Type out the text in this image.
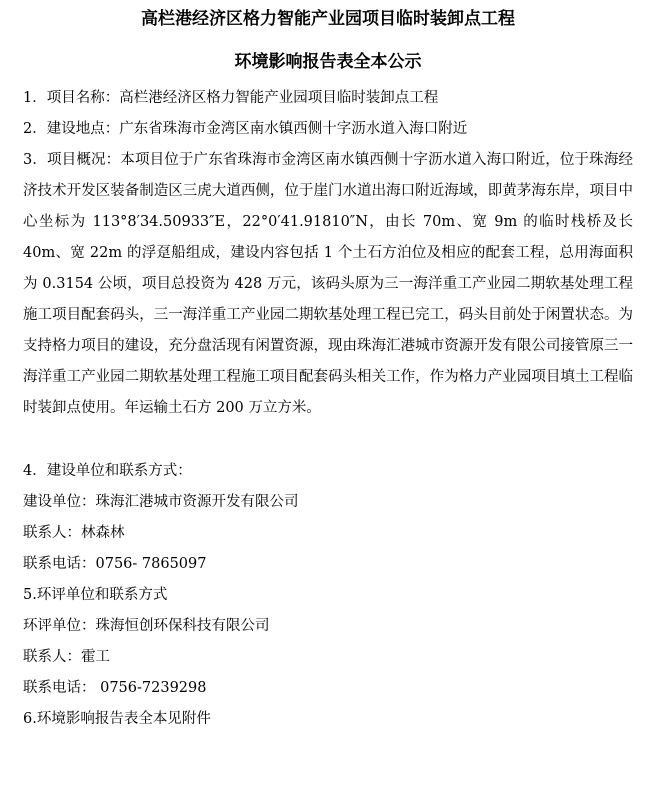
高栏港经济区格力智能产业园项目临时装卸点工程
环境影响报告表全本公示

1．项目名称：高栏港经济区格力智能产业园项目临时装卸点工程

2．建设地点：广东省珠海市金湾区南水镇西侧十字沥水道入海口附近

3．项目概况：本项目位于广东省珠海市金湾区南水镇西侧十字沥水道入海口附近，位于珠海经济技术开发区装备制造区三虎大道西侧，位于崖门水道出海口附近海域，即黄茅海东岸，项目中心坐标为 113°8′34.50933″E，22°0′41.91810″N，由长 70m、宽 9m 的临时栈桥及长 40m、宽 22m 的浮趸船组成，建设内容包括 1 个土石方泊位及相应的配套工程，总用海面积为 0.3154 公顷，项目总投资为 428 万元，该码头原为三一海洋重工产业园二期软基处理工程施工项目配套码头，三一海洋重工产业园二期软基处理工程已完工，码头目前处于闲置状态。为支持格力项目的建设，充分盘活现有闲置资源，现由珠海汇港城市资源开发有限公司接管原三一海洋重工产业园二期软基处理工程施工项目配套码头相关工作，作为格力产业园项目填土工程临时装卸点使用。年运输土石方 200 万立方米。

4．建设单位和联系方式：

建设单位：珠海汇港城市资源开发有限公司

联系人：林森林

联系电话：0756- 7865097

5.环评单位和联系方式

环评单位：珠海恒创环保科技有限公司

联系人：霍工

联系电话： 0756-7239298

6.环境影响报告表全本见附件
